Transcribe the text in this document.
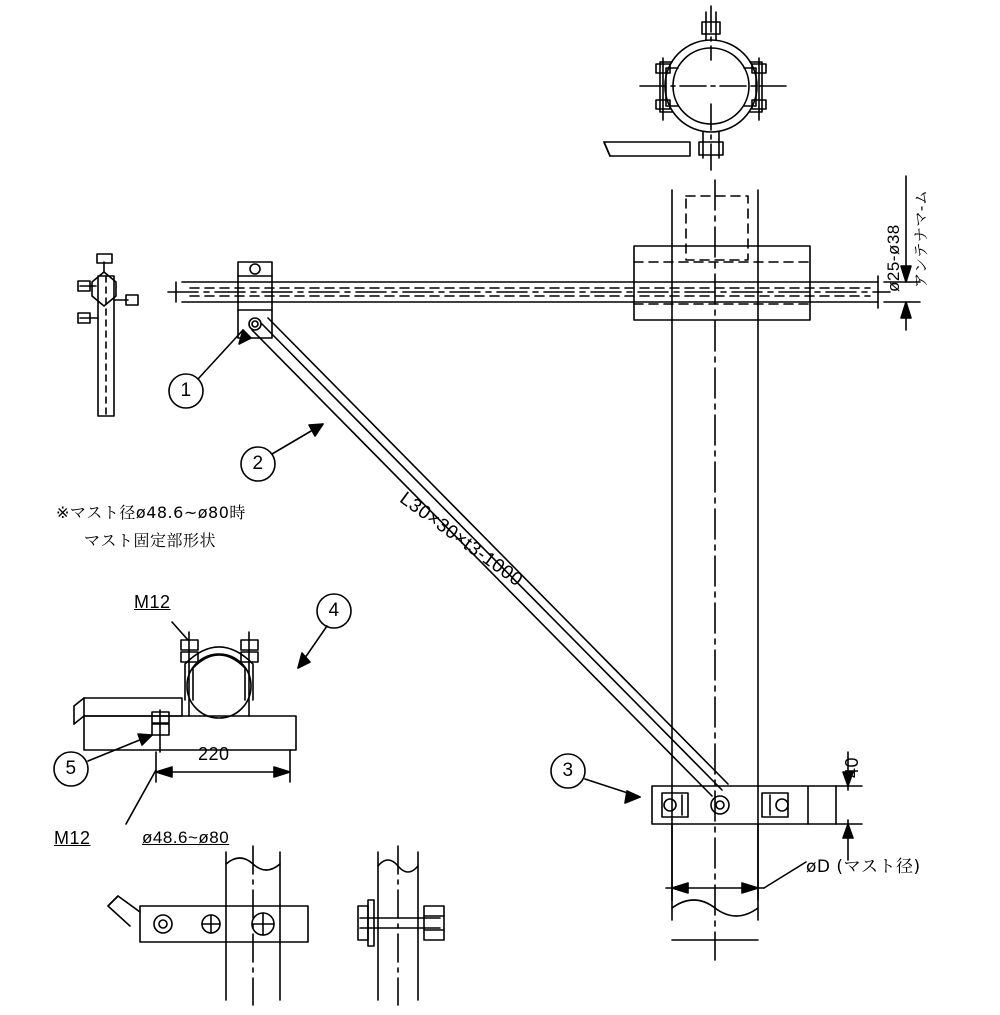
1
2
3
4
5
L30×30×t3-1000
※マスト径ø48.6~ø80時
マスト固定部形状
M12
M12
220
ø48.6~ø80
40
øD (マスト径)
ø25-ø38 アンテナマ-ム
